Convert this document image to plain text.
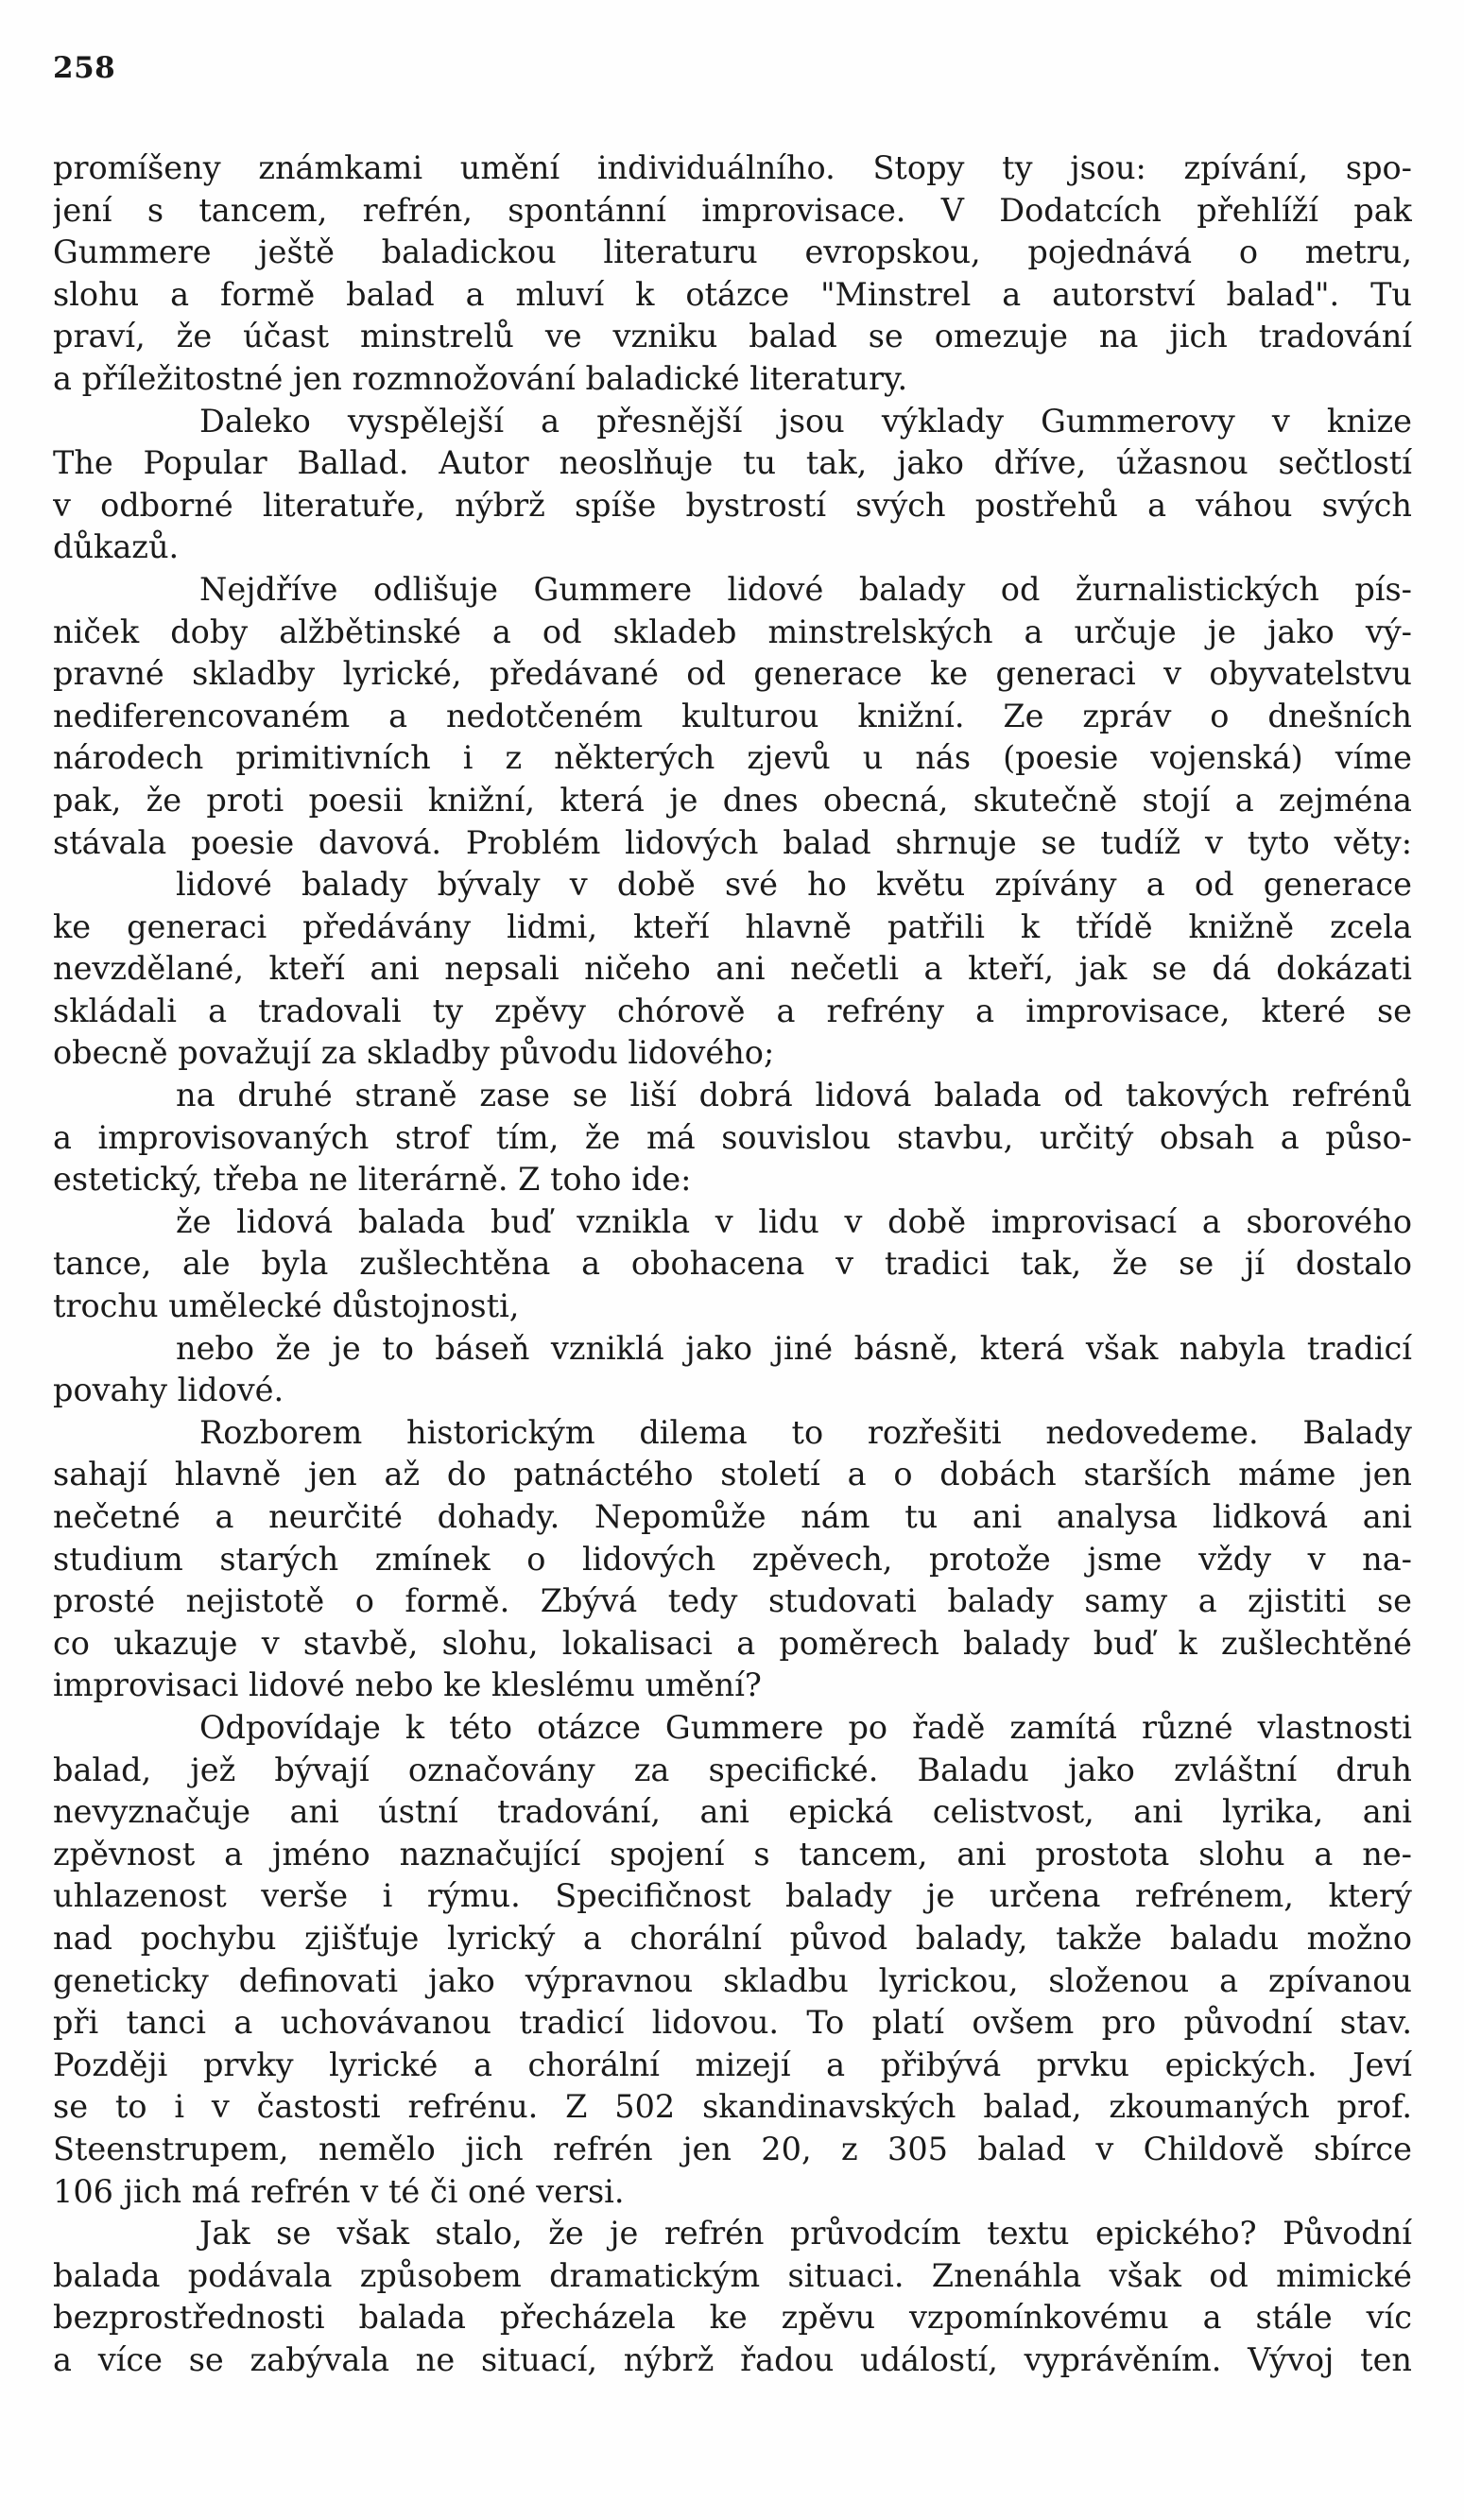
258
promíšeny známkami umění individuálního. Stopy ty jsou: zpívání, spo-
jení s tancem, refrén, spontánní improvisace. V Dodatcích přehlíží pak
Gummere ještě baladickou literaturu evropskou, pojednává o metru,
slohu a formě balad a mluví k otázce "Minstrel a autorství balad". Tu
praví, že účast minstrelů ve vzniku balad se omezuje na jich tradování
a příležitostné jen rozmnožování baladické literatury.
Daleko vyspělejší a přesnější jsou výklady Gummerovy v knize
The Popular Ballad. Autor neoslňuje tu tak, jako dříve, úžasnou sečtlostí
v odborné literatuře, nýbrž spíše bystrostí svých postřehů a váhou svých
důkazů.
Nejdříve odlišuje Gummere lidové balady od žurnalistických pís-
niček doby alžbětinské a od skladeb minstrelských a určuje je jako vý-
pravné skladby lyrické, předávané od generace ke generaci v obyvatelstvu
nediferencovaném a nedotčeném kulturou knižní. Ze zpráv o dnešních
národech primitivních i z některých zjevů u nás (poesie vojenská) víme
pak, že proti poesii knižní, která je dnes obecná, skutečně stojí a zejména
stávala poesie davová. Problém lidových balad shrnuje se tudíž v tyto věty:
lidové balady bývaly v době své ho květu zpívány a od generace
ke generaci předávány lidmi, kteří hlavně patřili k třídě knižně zcela
nevzdělané, kteří ani nepsali ničeho ani nečetli a kteří, jak se dá dokázati
skládali a tradovali ty zpěvy chórově a refrény a improvisace, které se
obecně považují za skladby původu lidového;
na druhé straně zase se liší dobrá lidová balada od takových refrénů
a improvisovaných strof tím, že má souvislou stavbu, určitý obsah a půso-
estetický, třeba ne literárně. Z toho ide:
že lidová balada buď vznikla v lidu v době improvisací a sborového
tance, ale byla zušlechtěna a obohacena v tradici tak, že se jí dostalo
trochu umělecké důstojnosti,
nebo že je to báseň vzniklá jako jiné básně, která však nabyla tradicí
povahy lidové.
Rozborem historickým dilema to rozřešiti nedovedeme. Balady
sahají hlavně jen až do patnáctého století a o dobách starších máme jen
nečetné a neurčité dohady. Nepomůže nám tu ani analysa lidková ani
studium starých zmínek o lidových zpěvech, protože jsme vždy v na-
prosté nejistotě o formě. Zbývá tedy studovati balady samy a zjistiti se
co ukazuje v stavbě, slohu, lokalisaci a poměrech balady buď k zušlechtěné
improvisaci lidové nebo ke kleslému umění?
Odpovídaje k této otázce Gummere po řadě zamítá různé vlastnosti
balad, jež bývají označovány za specifické. Baladu jako zvláštní druh
nevyznačuje ani ústní tradování, ani epická celistvost, ani lyrika, ani
zpěvnost a jméno naznačující spojení s tancem, ani prostota slohu a ne-
uhlazenost verše i rýmu. Specifičnost balady je určena refrénem, který
nad pochybu zjišťuje lyrický a chorální původ balady, takže baladu možno
geneticky definovati jako výpravnou skladbu lyrickou, složenou a zpívanou
při tanci a uchovávanou tradicí lidovou. To platí ovšem pro původní stav.
Později prvky lyrické a chorální mizejí a přibývá prvku epických. Jeví
se to i v častosti refrénu. Z 502 skandinavských balad, zkoumaných prof.
Steenstrupem, nemělo jich refrén jen 20, z 305 balad v Childově sbírce
106 jich má refrén v té či oné versi.
Jak se však stalo, že je refrén průvodcím textu epického? Původní
balada podávala způsobem dramatickým situaci. Znenáhla však od mimické
bezprostřednosti balada přecházela ke zpěvu vzpomínkovému a stále víc
a více se zabývala ne situací, nýbrž řadou událostí, vyprávěním. Vývoj ten
